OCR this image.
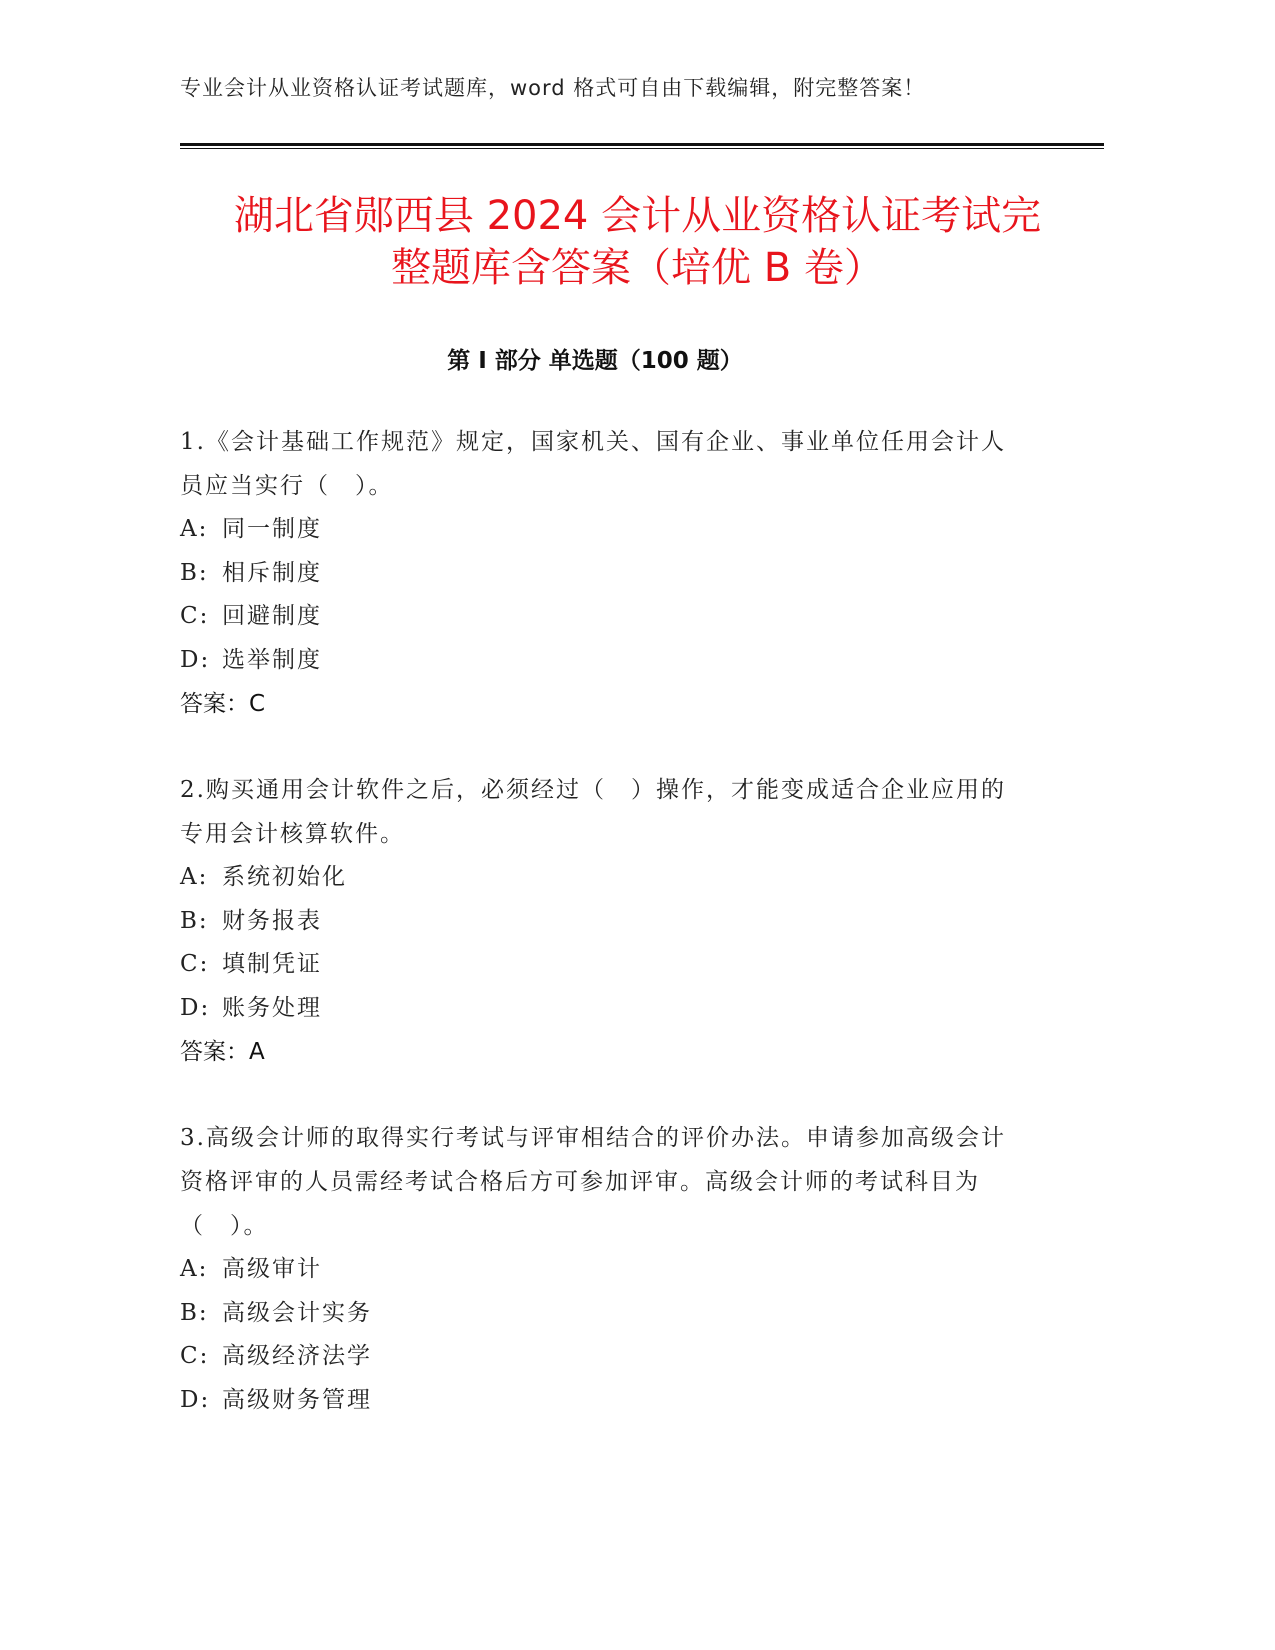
专业会计从业资格认证考试题库，word 格式可自由下载编辑，附完整答案！
湖北省郧西县 2024 会计从业资格认证考试完
整题库含答案（培优 B 卷）
第 I 部分 单选题（100 题）
1.《会计基础工作规范》规定，国家机关、国有企业、事业单位任用会计人员应当实行（　）。
A: 同一制度
B: 相斥制度
C: 回避制度
D: 选举制度
答案：C
2.购买通用会计软件之后，必须经过（　）操作，才能变成适合企业应用的专用会计核算软件。
A: 系统初始化
B: 财务报表
C: 填制凭证
D: 账务处理
答案：A
3.高级会计师的取得实行考试与评审相结合的评价办法。申请参加高级会计资格评审的人员需经考试合格后方可参加评审。高级会计师的考试科目为（　）。
A: 高级审计
B: 高级会计实务
C: 高级经济法学
D: 高级财务管理
